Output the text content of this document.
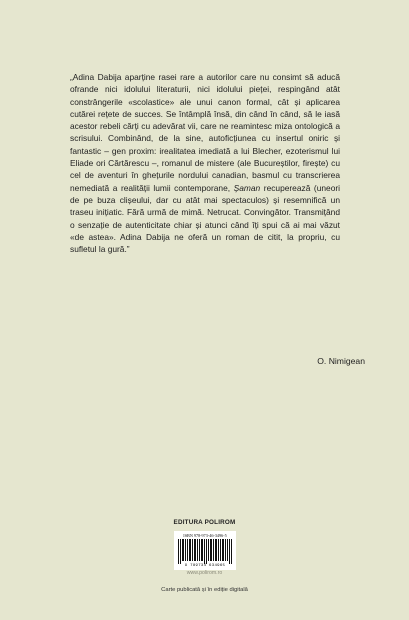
„Adina Dabija aparține rasei rare a autorilor care nu consimt să aducă ofrande nici idolului literaturii, nici idolului pieței, respingând atât constrângerile «scolastice» ale unui canon formal, cât și aplicarea cutărei rețete de succes. Se întâmplă însă, din când în când, să le iasă acestor rebeli cărți cu adevărat vii, care ne reamintesc miza ontologică a scrisului. Combinând, de la sine, autoficțiunea cu insertul oniric și fantastic – gen proxim: irealitatea imediată a lui Blecher, ezoterismul lui Eliade ori Cărtărescu –, romanul de mistere (ale Bucureștilor, firește) cu cel de aventuri în ghețurile nordului canadian, basmul cu transcrierea nemediată a realității lumii contemporane, Șaman recuperează (uneori de pe buza clișeului, dar cu atât mai spectaculos) și resemnifică un traseu inițiatic. Fără urmă de mimă. Netrucat. Convingător. Transmițând o senzație de autenticitate chiar și atunci când îți spui că ai mai văzut «de astea». Adina Dabija ne oferă un roman de citit, la propriu, cu sufletul la gură.”

O. Nimigean

EDITURA POLIROM
ISBN 978-973-46-3496-5
9 789734 634965
www.polirom.ro
Carte publicată și în ediție digitală
